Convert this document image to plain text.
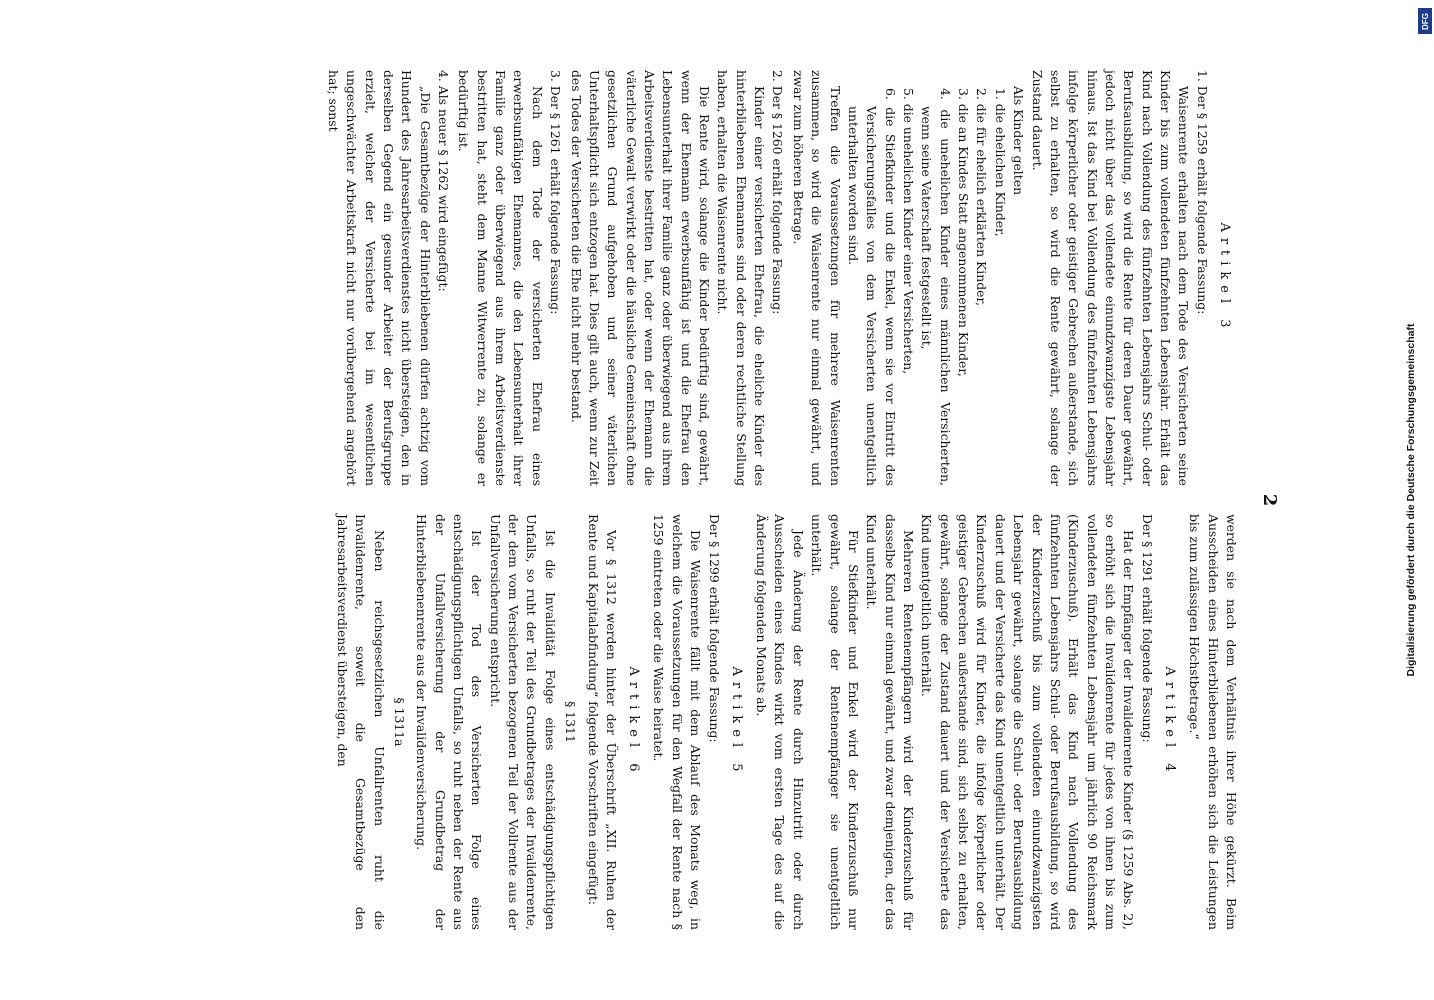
2
Artikel 3
1. Der § 1259 erhält folgende Fassung:
Waisenrente erhalten nach dem Tode des Versicherten seine Kinder bis zum vollendeten fünfzehnten Lebensjahr. Erhält das Kind nach Vollendung des fünfzehnten Lebensjahrs Schul- oder Berufsausbildung, so wird die Rente für deren Dauer gewährt, jedoch nicht über das vollendete einundzwanzigste Lebensjahr hinaus. Ist das Kind bei Vollendung des fünfzehnten Lebensjahrs infolge körperlicher oder geistiger Gebrechen außerstande, sich selbst zu erhalten, so wird die Rente gewährt, solange der Zustand dauert.
Als Kinder gelten
1. die ehelichen Kinder,
2. die für ehelich erklärten Kinder,
3. die an Kindes Statt angenommenen Kinder,
4. die unehelichen Kinder eines männlichen Versicherten, wenn seine Vaterschaft festgestellt ist,
5. die unehelichen Kinder einer Versicherten,
6. die Stiefkinder und die Enkel, wenn sie vor Eintritt des Versicherungsfalles von dem Versicherten unentgeltlich unterhalten worden sind.
Treffen die Voraussetzungen für mehrere Waisenrenten zusammen, so wird die Waisenrente nur einmal gewährt, und zwar zum höheren Betrage.
2. Der § 1260 erhält folgende Fassung:
Kinder einer versicherten Ehefrau, die eheliche Kinder des hinterbliebenen Ehemannes sind oder deren rechtliche Stellung haben, erhalten die Waisenrente nicht.
Die Rente wird, solange die Kinder bedürftig sind, gewährt, wenn der Ehemann erwerbsunfähig ist und die Ehefrau den Lebensunterhalt ihrer Familie ganz oder überwiegend aus ihrem Arbeitsverdienste bestritten hat, oder wenn der Ehemann die väterliche Gewalt verwirkt oder die häusliche Gemeinschaft ohne gesetzlichen Grund aufgehoben und seiner väterlichen Unterhaltspflicht sich entzogen hat. Dies gilt auch, wenn zur Zeit des Todes der Versicherten die Ehe nicht mehr bestand.
3. Der § 1261 erhält folgende Fassung:
Nach dem Tode der versicherten Ehefrau eines erwerbsunfähigen Ehemannes, die den Lebensunterhalt ihrer Familie ganz oder überwiegend aus ihrem Arbeitsverdienste bestritten hat, steht dem Manne Witwerrente zu, solange er bedürftig ist.
4. Als neuer § 1262 wird eingefügt:
„Die Gesamtbezüge der Hinterbliebenen dürfen achtzig vom Hundert des Jahresarbeitsverdienstes nicht übersteigen, den in derselben Gegend ein gesunder Arbeiter der Berufsgruppe erzielt, welcher der Versicherte bei im wesentlichen ungeschwächter Arbeitskraft nicht nur vorübergehend angehört hat; sonst
werden sie nach dem Verhältnis ihrer Höhe gekürzt. Beim Ausscheiden eines Hinterbliebenen erhöhen sich die Leistungen bis zum zulässigen Höchstbetrage.“
Artikel 4
Der § 1291 erhält folgende Fassung:
Hat der Empfänger der Invalidenrente Kinder (§ 1259 Abs. 2), so erhöht sich die Invalidenrente für jedes von ihnen bis zum vollendeten fünfzehnten Lebensjahr um jährlich 90 Reichsmark (Kinderzuschuß). Erhält das Kind nach Vollendung des fünfzehnten Lebensjahrs Schul- oder Berufsausbildung, so wird der Kinderzuschuß bis zum vollendeten einundzwanzigsten Lebensjahr gewährt, solange die Schul- oder Berufsausbildung dauert und der Versicherte das Kind unentgeltlich unterhält. Der Kinderzuschuß wird für Kinder, die infolge körperlicher oder geistiger Gebrechen außerstande sind, sich selbst zu erhalten, gewährt, solange der Zustand dauert und der Versicherte das Kind unentgeltlich unterhält.
Mehreren Rentenempfängern wird der Kinderzuschuß für dasselbe Kind nur einmal gewährt, und zwar demjenigen, der das Kind unterhält.
Für Stiefkinder und Enkel wird der Kinderzuschuß nur gewährt, solange der Rentenempfänger sie unentgeltlich unterhält.
Jede Änderung der Rente durch Hinzutritt oder durch Ausscheiden eines Kindes wirkt vom ersten Tage des auf die Änderung folgenden Monats ab.
Artikel 5
Der § 1299 erhält folgende Fassung:
Die Waisenrente fällt mit dem Ablauf des Monats weg, in welchem die Voraussetzungen für den Wegfall der Rente nach § 1259 eintreten oder die Waise heiratet.
Artikel 6
Vor § 1312 werden hinter der Überschrift „XII. Ruhen der Rente und Kapitalabfindung“ folgende Vorschriften eingefügt:
§ 1311
Ist die Invalidität Folge eines entschädigungspflichtigen Unfalls, so ruht der Teil des Grundbetrages der Invalidenrente, der dem vom Versicherten bezogenen Teil der Vollrente aus der Unfallversicherung entspricht.
Ist der Tod des Versicherten Folge eines entschädigungspflichtigen Unfalls, so ruht neben der Rente aus der Unfallversicherung der Grundbetrag der Hinterbliebenenrente aus der Invalidenversicherung.
§ 1311a
Neben reichsgesetzlichen Unfallrenten ruht die Invalidenrente, soweit die Gesamtbezüge den Jahresarbeitsverdienst übersteigen, den	Digitalisierung gefördert durch die Deutsche Forschungsgemeinschaft
DFG
